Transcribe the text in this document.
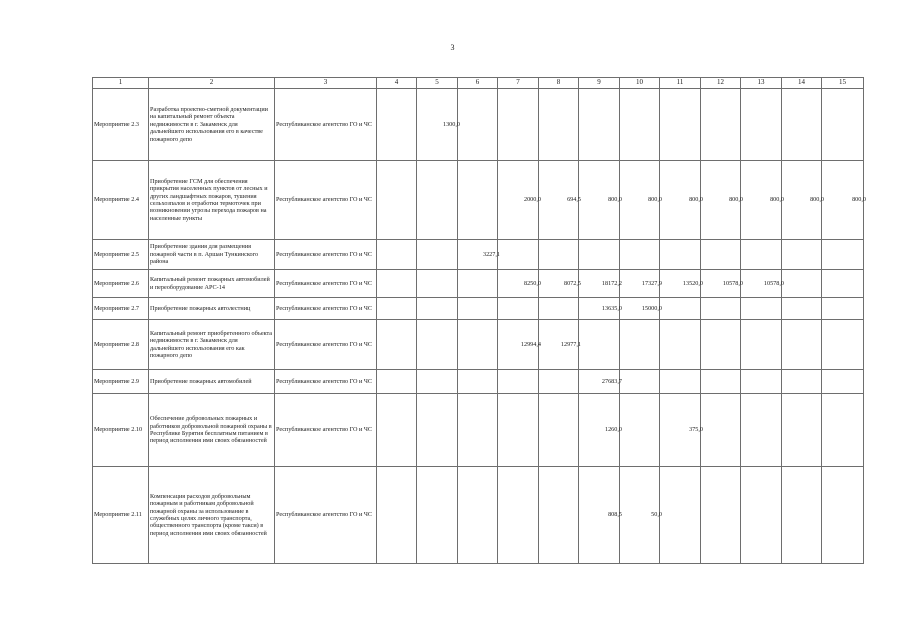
3
1	2	3	4	5	6	7	8	9	10	11	12	13	14	15
Мероприятие 2.3	Разработка проектно-сметной документации на капитальный ремонт объекта недвижимости в г. Закаменск для дальнейшего использования его в качестве пожарного депо	Республиканское агентство ГО и ЧС		1300,0										
Мероприятие 2.4	Приобретение ГСМ для обеспечения прикрытия населенных пунктов от лесных и других ландшафтных пожаров, тушения сельхозпалов и отработки термоточек при возникновении угрозы перехода пожаров на населенные пункты	Республиканское агентство ГО и ЧС				2000,0	694,5	800,0	800,0	800,0	800,0	800,0	800,0	800,0
Мероприятие 2.5	Приобретение здания для размещения пожарной части в п. Аршан Тункинского района	Республиканское агентство ГО и ЧС			3227,1									
Мероприятие 2.6	Капитальный ремонт пожарных автомобилей и переоборудование АРС-14	Республиканское агентство ГО и ЧС				8250,0	8072,5	18172,2	17327,9	13520,0	10578,0	10578,0		
Мероприятие 2.7	Приобретение пожарных автолестниц	Республиканское агентство ГО и ЧС						13635,0	15000,0					
Мероприятие 2.8	Капитальный ремонт приобретенного объекта недвижимости в г. Закаменск для дальнейшего использования его как пожарного депо	Республиканское агентство ГО и ЧС				12994,4	12977,1							
Мероприятие 2.9	Приобретение пожарных автомобилей	Республиканское агентство ГО и ЧС						27683,7						
Мероприятие 2.10	Обеспечение добровольных пожарных и работников добровольной пожарной охраны в Республике Бурятия бесплатным питанием в период исполнения ими своих обязанностей	Республиканское агентство ГО и ЧС						1260,0		375,0				
Мероприятие 2.11	Компенсация расходов добровольным пожарным и работникам добровольной пожарной охраны за использование в служебных целях личного транспорта, общественного транспорта (кроме такси) в период исполнения ими своих обязанностей	Республиканское агентство ГО и ЧС						808,5	50,0					
